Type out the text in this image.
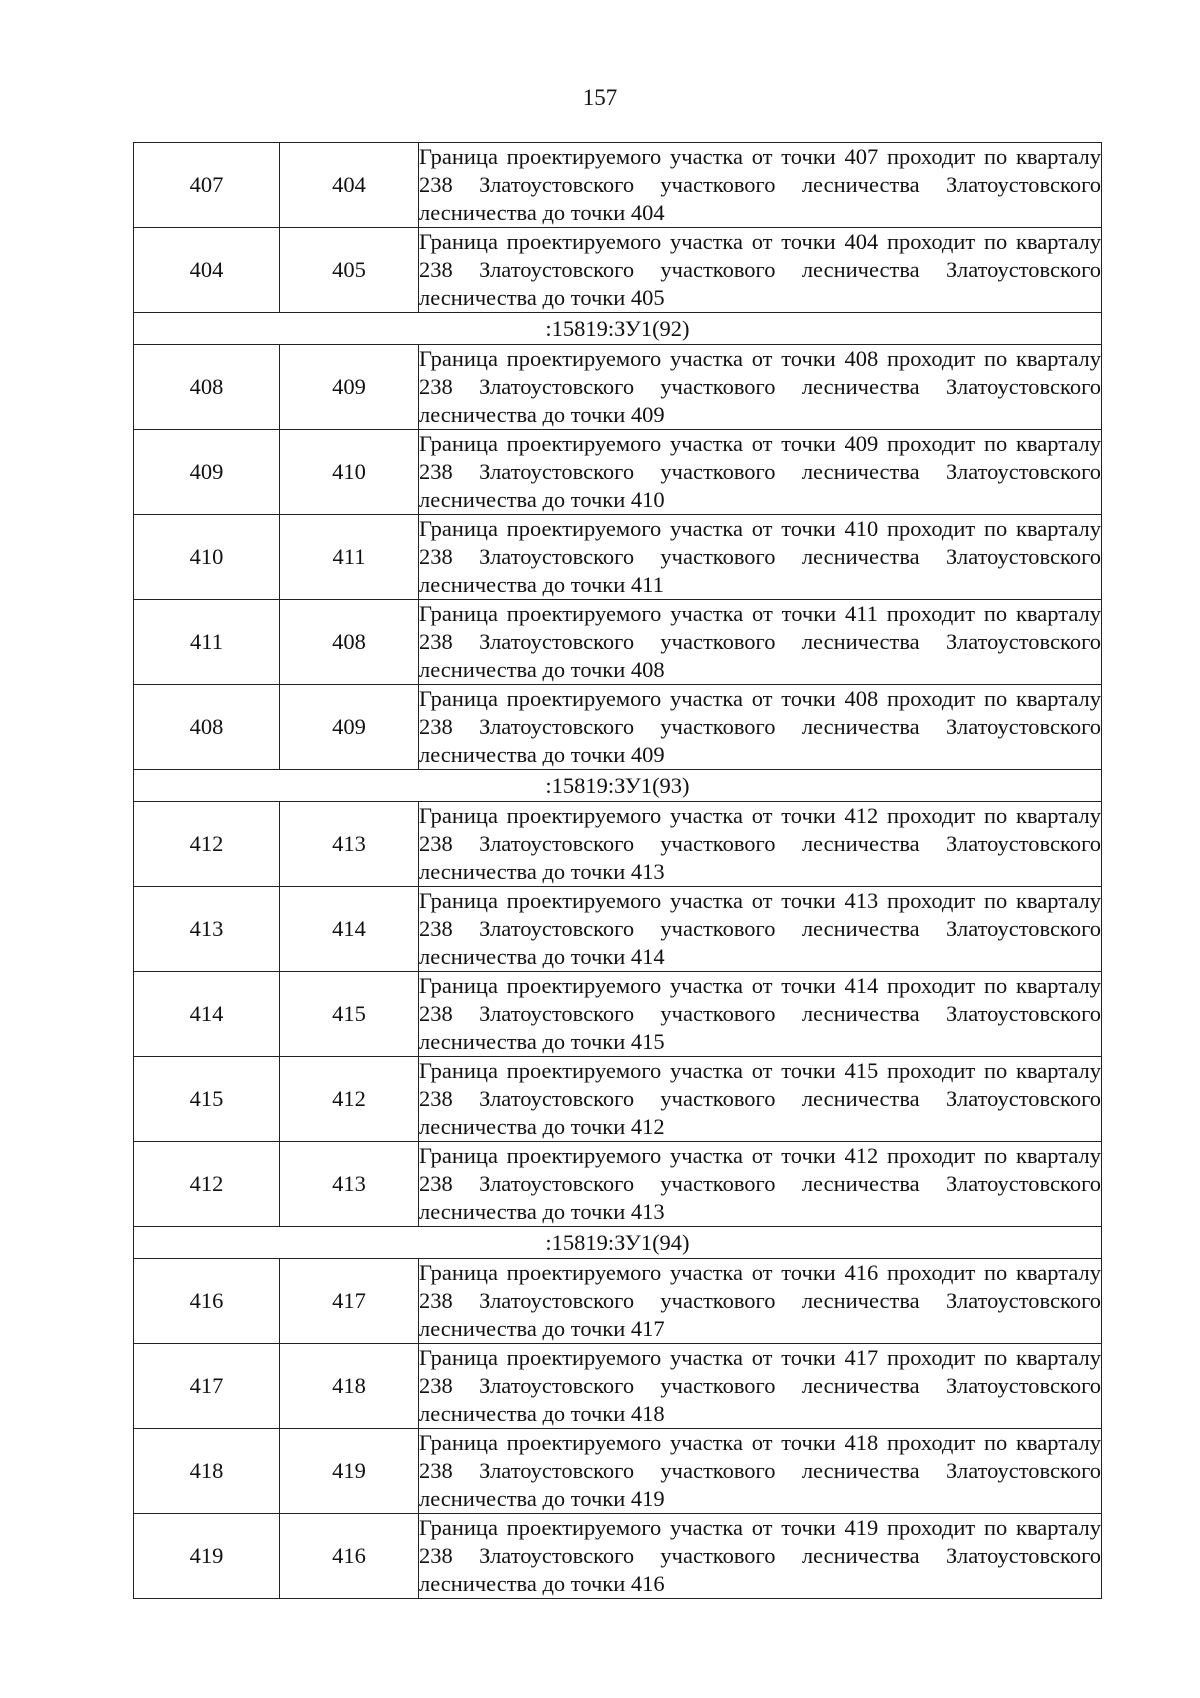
157
407	404	Граница проектируемого участка от точки 407 проходит по кварталу 238 Златоустовского участкового лесничества Златоустовского лесничества до точки 404
404	405	Граница проектируемого участка от точки 404 проходит по кварталу 238 Златоустовского участкового лесничества Златоустовского лесничества до точки 405
:15819:ЗУ1(92)		
408	409	Граница проектируемого участка от точки 408 проходит по кварталу 238 Златоустовского участкового лесничества Златоустовского лесничества до точки 409
409	410	Граница проектируемого участка от точки 409 проходит по кварталу 238 Златоустовского участкового лесничества Златоустовского лесничества до точки 410
410	411	Граница проектируемого участка от точки 410 проходит по кварталу 238 Златоустовского участкового лесничества Златоустовского лесничества до точки 411
411	408	Граница проектируемого участка от точки 411 проходит по кварталу 238 Златоустовского участкового лесничества Златоустовского лесничества до точки 408
408	409	Граница проектируемого участка от точки 408 проходит по кварталу 238 Златоустовского участкового лесничества Златоустовского лесничества до точки 409
:15819:ЗУ1(93)		
412	413	Граница проектируемого участка от точки 412 проходит по кварталу 238 Златоустовского участкового лесничества Златоустовского лесничества до точки 413
413	414	Граница проектируемого участка от точки 413 проходит по кварталу 238 Златоустовского участкового лесничества Златоустовского лесничества до точки 414
414	415	Граница проектируемого участка от точки 414 проходит по кварталу 238 Златоустовского участкового лесничества Златоустовского лесничества до точки 415
415	412	Граница проектируемого участка от точки 415 проходит по кварталу 238 Златоустовского участкового лесничества Златоустовского лесничества до точки 412
412	413	Граница проектируемого участка от точки 412 проходит по кварталу 238 Златоустовского участкового лесничества Златоустовского лесничества до точки 413
:15819:ЗУ1(94)		
416	417	Граница проектируемого участка от точки 416 проходит по кварталу 238 Златоустовского участкового лесничества Златоустовского лесничества до точки 417
417	418	Граница проектируемого участка от точки 417 проходит по кварталу 238 Златоустовского участкового лесничества Златоустовского лесничества до точки 418
418	419	Граница проектируемого участка от точки 418 проходит по кварталу 238 Златоустовского участкового лесничества Златоустовского лесничества до точки 419
419	416	Граница проектируемого участка от точки 419 проходит по кварталу 238 Златоустовского участкового лесничества Златоустовского лесничества до точки 416
